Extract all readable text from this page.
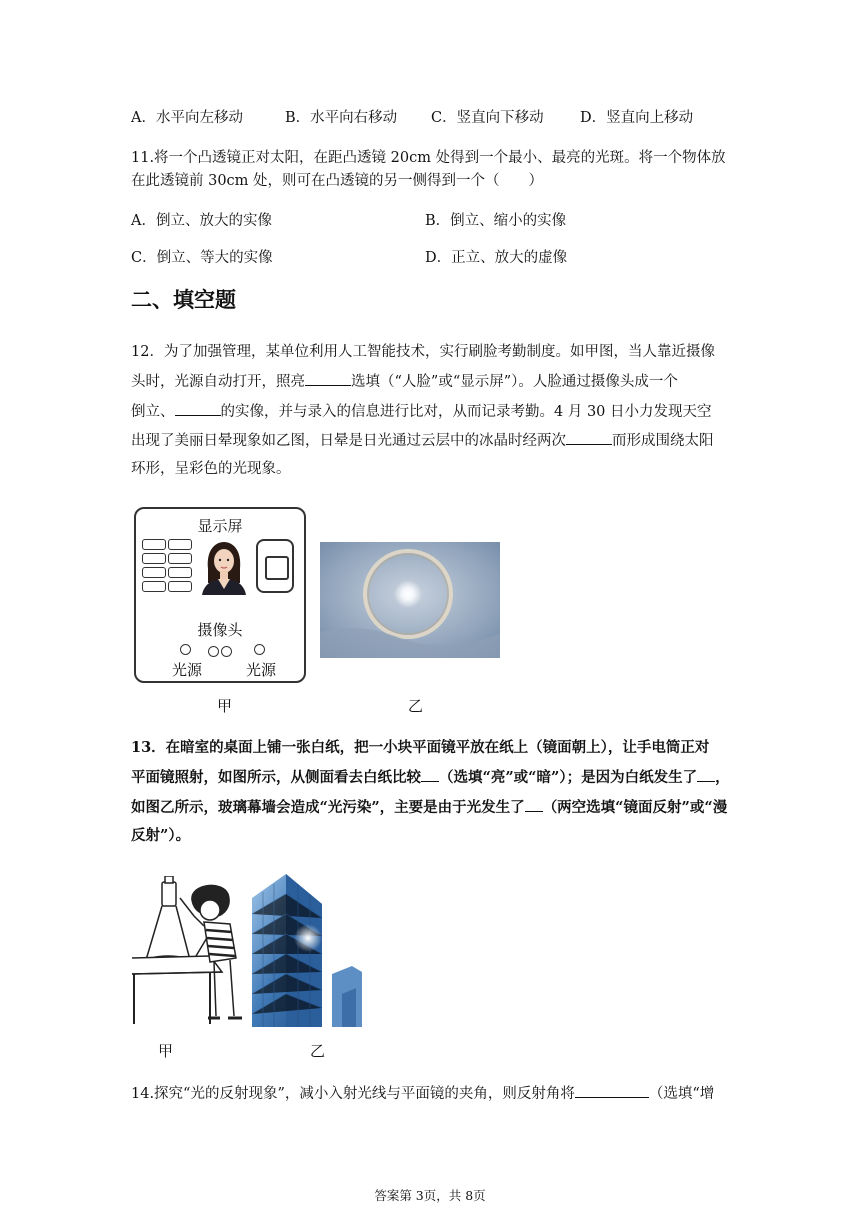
A．水平向左移动	B．水平向右移动 C．竖直向下移动	D．竖直向上移动
11.将一个凸透镜正对太阳，在距凸透镜 20cm 处得到一个最小、最亮的光斑。将一个物体放
在此透镜前 30cm 处，则可在凸透镜的另一侧得到一个（　　）
A．倒立、放大的实像	B．倒立、缩小的实像
C．倒立、等大的实像	D．正立、放大的虚像
二、填空题
12．为了加强管理，某单位利用人工智能技术，实行刷脸考勤制度。如甲图，当人靠近摄像
头时，光源自动打开，照亮	选填（“人脸”或“显示屏”）。人脸通过摄像头成一个
倒立、	的实像，并与录入的信息进行比对，从而记录考勤。4 月 30 日小力发现天空
出现了美丽日晕现象如乙图，日晕是日光通过云层中的冰晶时经两次	而形成围绕太阳
环形，呈彩色的光现象。
显示屏
摄像头
光源	光源
甲	乙
13．在暗室的桌面上铺一张白纸，把一小块平面镜平放在纸上（镜面朝上），让手电筒正对
平面镜照射，如图所示，从侧面看去白纸比较 （选填“亮”或“暗”）；是因为白纸发生了 ，
如图乙所示，玻璃幕墙会造成“光污染”，主要是由于光发生了 （两空选填“镜面反射”或“漫
反射”）。
甲	乙
14.探究“光的反射现象”，减小入射光线与平面镜的夹角，则反射角将	（选填“增
答案第 3页，共 8页
